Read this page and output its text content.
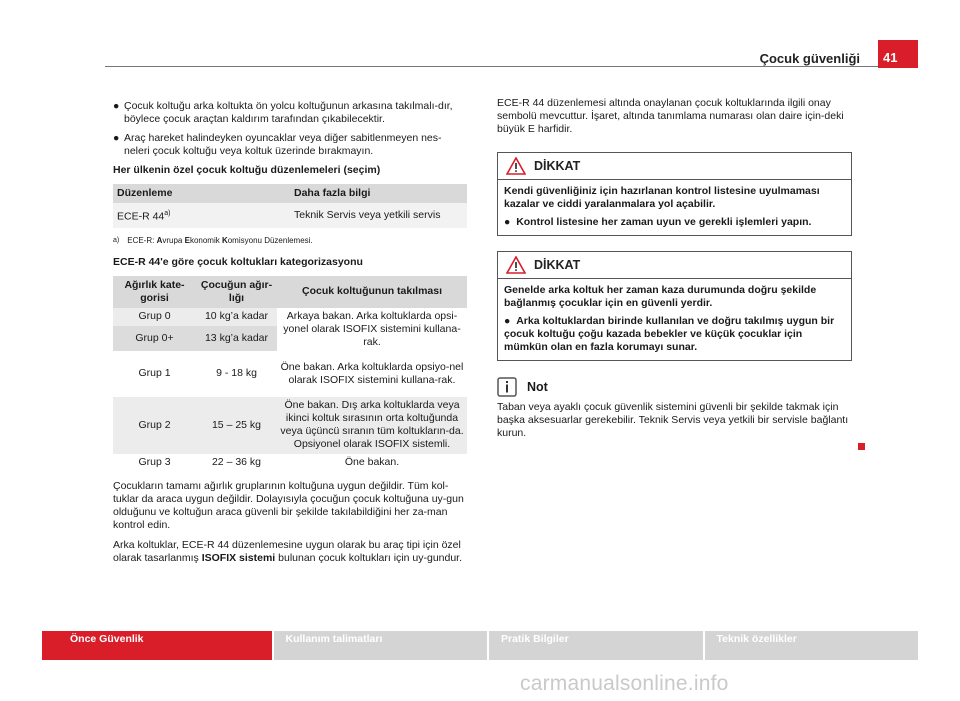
Çocuk güvenliği 41
● Çocuk koltuğu arka koltukta ön yolcu koltuğunun arkasına takılmalı-dır, böylece çocuk araçtan kaldırım tarafından çıkabilecektir.
● Araç hareket halindeyken oyuncaklar veya diğer sabitlenmeyen nes-neleri çocuk koltuğu veya koltuk üzerinde bırakmayın.
Her ülkenin özel çocuk koltuğu düzenlemeleri (seçim)
Düzenleme	Daha fazla bilgi
ECE-R 44$^{a)}$	Teknik Servis veya yetkili servis
a) ECE-R: Avrupa Ekonomik Komisyonu Düzenlemesi.
ECE-R 44'e göre çocuk koltukları kategorizasyonu
Ağırlık kate-gorisi	Çocuğun ağır-lığı	Çocuk koltuğunun takılması
Grup 0	10 kg’a kadar	Arkaya bakan. Arka koltuklarda opsi-yonel olarak ISOFIX sistemini kullana-rak.
Grup 0+	13 kg’a kadar	
Grup 1	9 - 18 kg	Öne bakan. Arka koltuklarda opsiyo-nel olarak ISOFIX sistemini kullana-rak.
Grup 2	15 – 25 kg	Öne bakan. Dış arka koltuklarda veya ikinci koltuk sırasının orta koltuğunda veya üçüncü sıranın tüm koltukların-da. Opsiyonel olarak ISOFIX sistemli.
Grup 3	22 – 36 kg	Öne bakan.
Çocukların tamamı ağırlık gruplarının koltuğuna uygun değildir. Tüm kol-tuklar da araca uygun değildir. Dolayısıyla çocuğun çocuk koltuğuna uy-gun olduğunu ve koltuğun araca güvenli bir şekilde takılabildiğini her za-man kontrol edin.
Arka koltuklar, ECE-R 44 düzenlemesine uygun olarak bu araç tipi için özel olarak tasarlanmış ISOFIX sistemi bulunan çocuk koltukları için uy-gundur.
ECE-R 44 düzenlemesi altında onaylanan çocuk koltuklarında ilgili onay sembolü mevcuttur. İşaret, altında tanımlama numarası olan daire için-deki büyük E harfidir.
DİKKAT
Kendi güvenliğiniz için hazırlanan kontrol listesine uyulmaması kazalar ve ciddi yaralanmalara yol açabilir.
●  Kontrol listesine her zaman uyun ve gerekli işlemleri yapın.
DİKKAT
Genelde arka koltuk her zaman kaza durumunda doğru şekilde bağlanmış çocuklar için en güvenli yerdir.
●  Arka koltuklardan birinde kullanılan ve doğru takılmış uygun bir çocuk koltuğu çoğu kazada bebekler ve küçük çocuklar için mümkün olan en fazla korumayı sunar.
Not
Taban veya ayaklı çocuk güvenlik sistemini güvenli bir şekilde takmak için başka aksesuarlar gerekebilir. Teknik Servis veya yetkili bir servisle bağlantı kurun.
Önce Güvenlik	Kullanım talimatları	Pratik Bilgiler	Teknik özellikler
carmanualsonline.info
